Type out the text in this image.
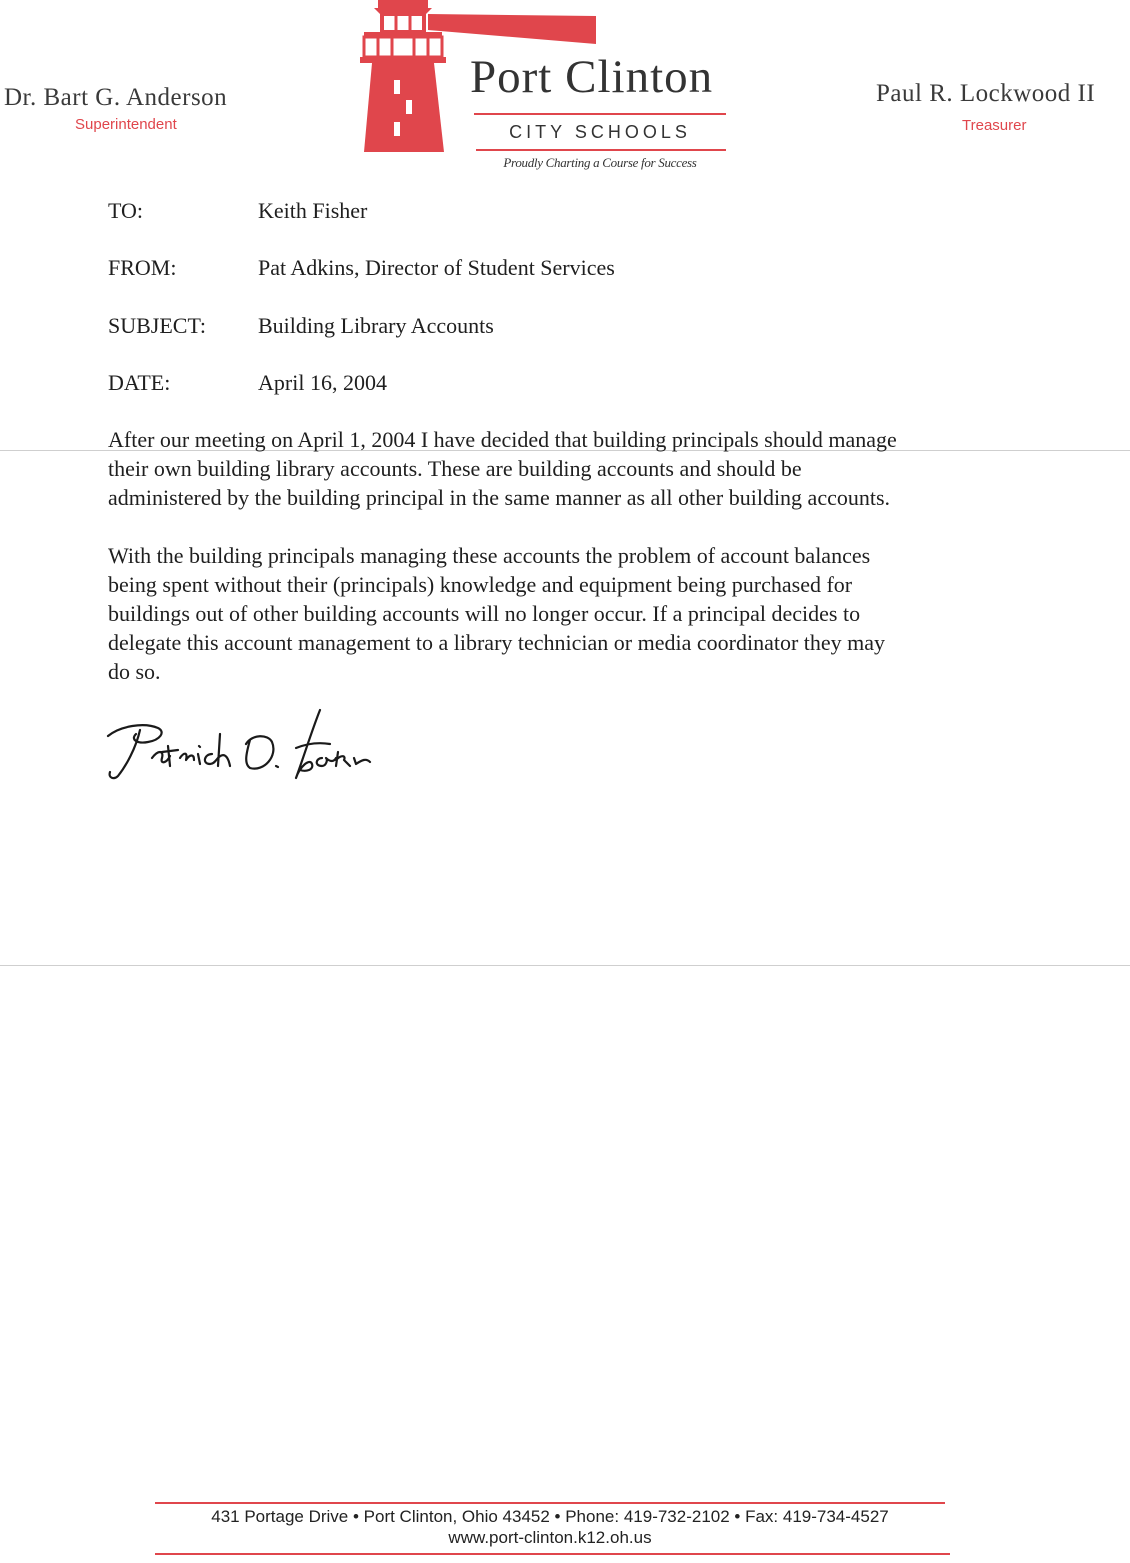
Dr. Bart G. Anderson
Superintendent
Port Clinton
CITY SCHOOLS
Proudly Charting a Course for Success
Paul R. Lockwood II
Treasurer
TO:	Keith Fisher
FROM:	Pat Adkins, Director of Student Services
SUBJECT: Building Library Accounts
DATE:	April 16, 2004

After our meeting on April 1, 2004 I have decided that building principals should manage
their own building library accounts. These are building accounts and should be
administered by the building principal in the same manner as all other building accounts.

With the building principals managing these accounts the problem of account balances
being spent without their (principals) knowledge and equipment being purchased for
buildings out of other building accounts will no longer occur. If a principal decides to
delegate this account management to a library technician or media coordinator they may
do so.

431 Portage Drive • Port Clinton, Ohio 43452 • Phone: 419-732-2102 • Fax: 419-734-4527
www.port-clinton.k12.oh.us
